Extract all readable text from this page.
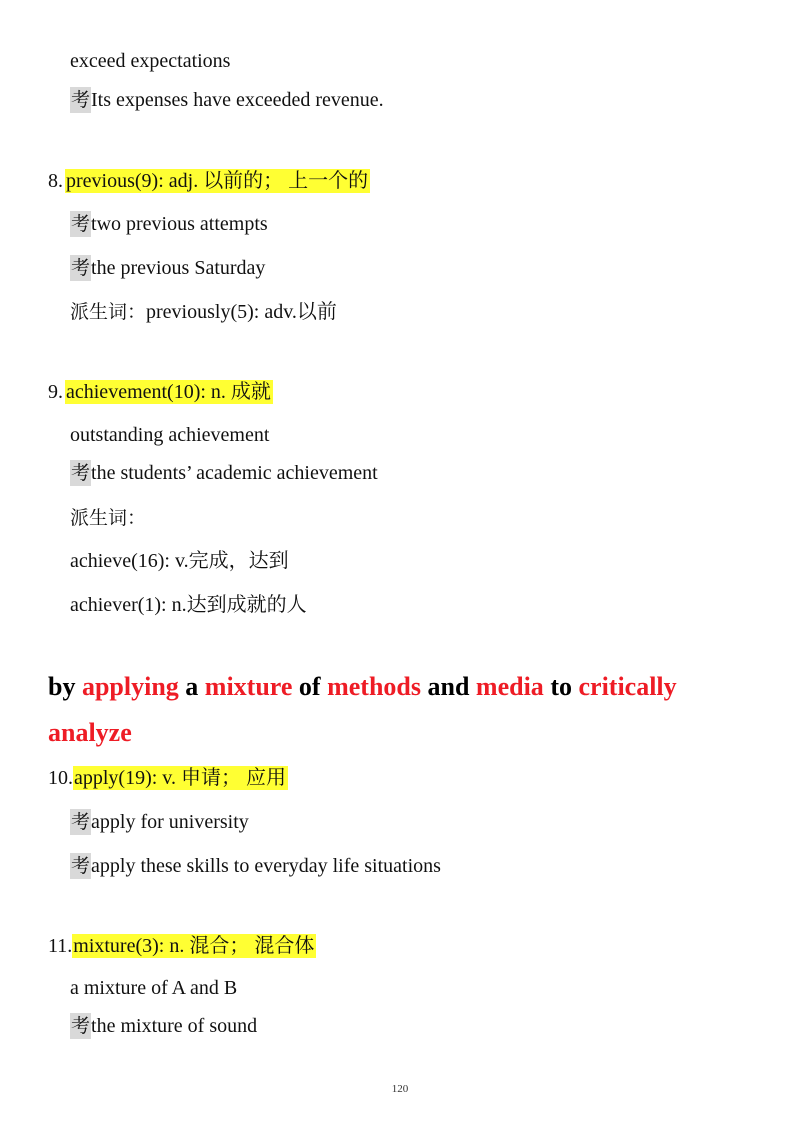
exceed expectations
考Its expenses have exceeded revenue.
8. previous(9): adj. 以前的； 上一个的
考two previous attempts
考the previous Saturday
派生词：previously(5): adv.以前
9. achievement(10): n. 成就
outstanding achievement
考the students’ academic achievement
派生词：
achieve(16): v.完成，达到
achiever(1): n.达到成就的人
by applying a mixture of methods and media to critically
analyze
10.apply(19): v. 申请； 应用
考apply for university
考apply these skills to everyday life situations
11.mixture(3): n. 混合； 混合体
a mixture of A and B
考the mixture of sound
120
